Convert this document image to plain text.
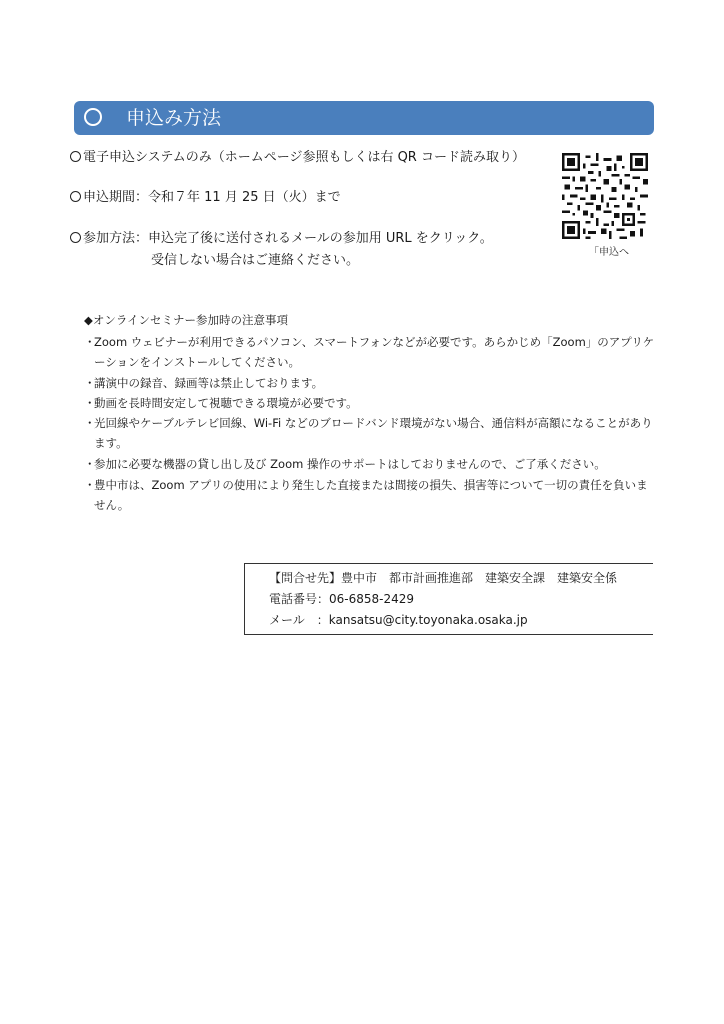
申込み方法
電子申込システムのみ（ホームページ参照もしくは右 QR コード読み取り）
申込期間：令和７年 11 月 25 日（火）まで
参加方法：申込完了後に送付されるメールの参加用 URL をクリック。
受信しない場合はご連絡ください。
「申込へ
◆オンラインセミナー参加時の注意事項
・
Zoom ウェビナーが利用できるパソコン、スマートフォンなどが必要です。あらかじめ「Zoom」のアプリケーションをインストールしてください。
・
講演中の録音、録画等は禁止しております。
・
動画を長時間安定して視聴できる環境が必要です。
・
光回線やケーブルテレビ回線、Wi-Fi などのブロードバンド環境がない場合、通信料が高額になることがあります。
・
参加に必要な機器の貸し出し及び Zoom 操作のサポートはしておりませんので、ご了承ください。
・
豊中市は、Zoom アプリの使用により発生した直接または間接の損失、損害等について一切の責任を負いません。
【問合せ先】豊中市　都市計画推進部　建築安全課　建築安全係
電話番号：06-6858-2429
メール　：kansatsu@city.toyonaka.osaka.jp
